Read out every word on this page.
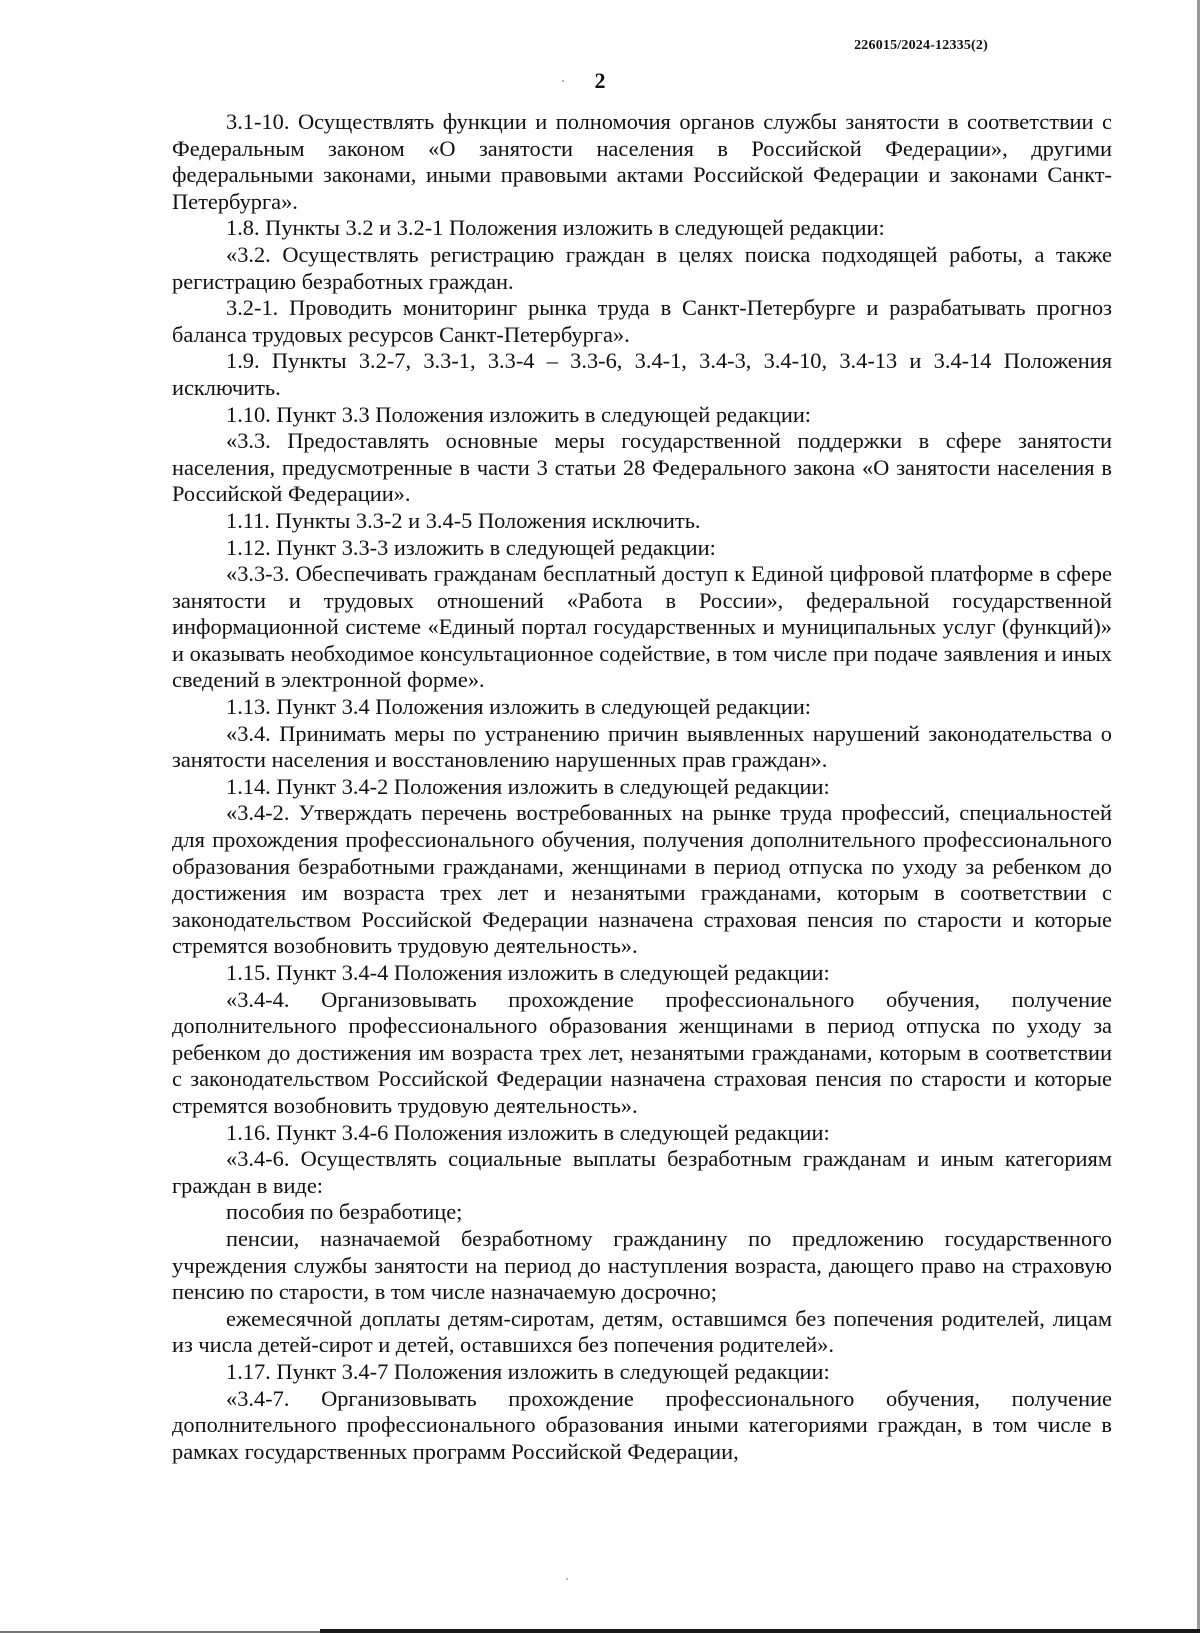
226015/2024-12335(2)
2

3.1-10. Осуществлять функции и полномочия органов службы занятости в соответствии с Федеральным законом «О занятости населения в Российской Федерации», другими федеральными законами, иными правовыми актами Российской Федерации и законами Санкт-Петербурга».

1.8. Пункты 3.2 и 3.2-1 Положения изложить в следующей редакции:

«3.2. Осуществлять регистрацию граждан в целях поиска подходящей работы, а также регистрацию безработных граждан.

3.2-1. Проводить мониторинг рынка труда в Санкт-Петербурге и разрабатывать прогноз баланса трудовых ресурсов Санкт-Петербурга».

1.9. Пункты 3.2-7, 3.3-1, 3.3-4 – 3.3-6, 3.4-1, 3.4-3, 3.4-10, 3.4-13 и 3.4-14 Положения исключить.

1.10. Пункт 3.3 Положения изложить в следующей редакции:

«3.3. Предоставлять основные меры государственной поддержки в сфере занятости населения, предусмотренные в части 3 статьи 28 Федерального закона «О занятости населения в Российской Федерации».

1.11. Пункты 3.3-2 и 3.4-5 Положения исключить.

1.12. Пункт 3.3-3 изложить в следующей редакции:

«3.3-3. Обеспечивать гражданам бесплатный доступ к Единой цифровой платформе в сфере занятости и трудовых отношений «Работа в России», федеральной государственной информационной системе «Единый портал государственных и муниципальных услуг (функций)» и оказывать необходимое консультационное содействие, в том числе при подаче заявления и иных сведений в электронной форме».

1.13. Пункт 3.4 Положения изложить в следующей редакции:

«3.4. Принимать меры по устранению причин выявленных нарушений законодательства о занятости населения и восстановлению нарушенных прав граждан».

1.14. Пункт 3.4-2 Положения изложить в следующей редакции:

«3.4-2. Утверждать перечень востребованных на рынке труда профессий, специальностей для прохождения профессионального обучения, получения дополнительного профессионального образования безработными гражданами, женщинами в период отпуска по уходу за ребенком до достижения им возраста трех лет и незанятыми гражданами, которым в соответствии с законодательством Российской Федерации назначена страховая пенсия по старости и которые стремятся возобновить трудовую деятельность».

1.15. Пункт 3.4-4 Положения изложить в следующей редакции:

«3.4-4. Организовывать прохождение профессионального обучения, получение дополнительного профессионального образования женщинами в период отпуска по уходу за ребенком до достижения им возраста трех лет, незанятыми гражданами, которым в соответствии с законодательством Российской Федерации назначена страховая пенсия по старости и которые стремятся возобновить трудовую деятельность».

1.16. Пункт 3.4-6 Положения изложить в следующей редакции:

«3.4-6. Осуществлять социальные выплаты безработным гражданам и иным категориям граждан в виде:

пособия по безработице;

пенсии, назначаемой безработному гражданину по предложению государственного учреждения службы занятости на период до наступления возраста, дающего право на страховую пенсию по старости, в том числе назначаемую досрочно;

ежемесячной доплаты детям-сиротам, детям, оставшимся без попечения родителей, лицам из числа детей-сирот и детей, оставшихся без попечения родителей».

1.17. Пункт 3.4-7 Положения изложить в следующей редакции:

«3.4-7. Организовывать прохождение профессионального обучения, получение дополнительного профессионального образования иными категориями граждан, в том числе в рамках государственных программ Российской Федерации,
